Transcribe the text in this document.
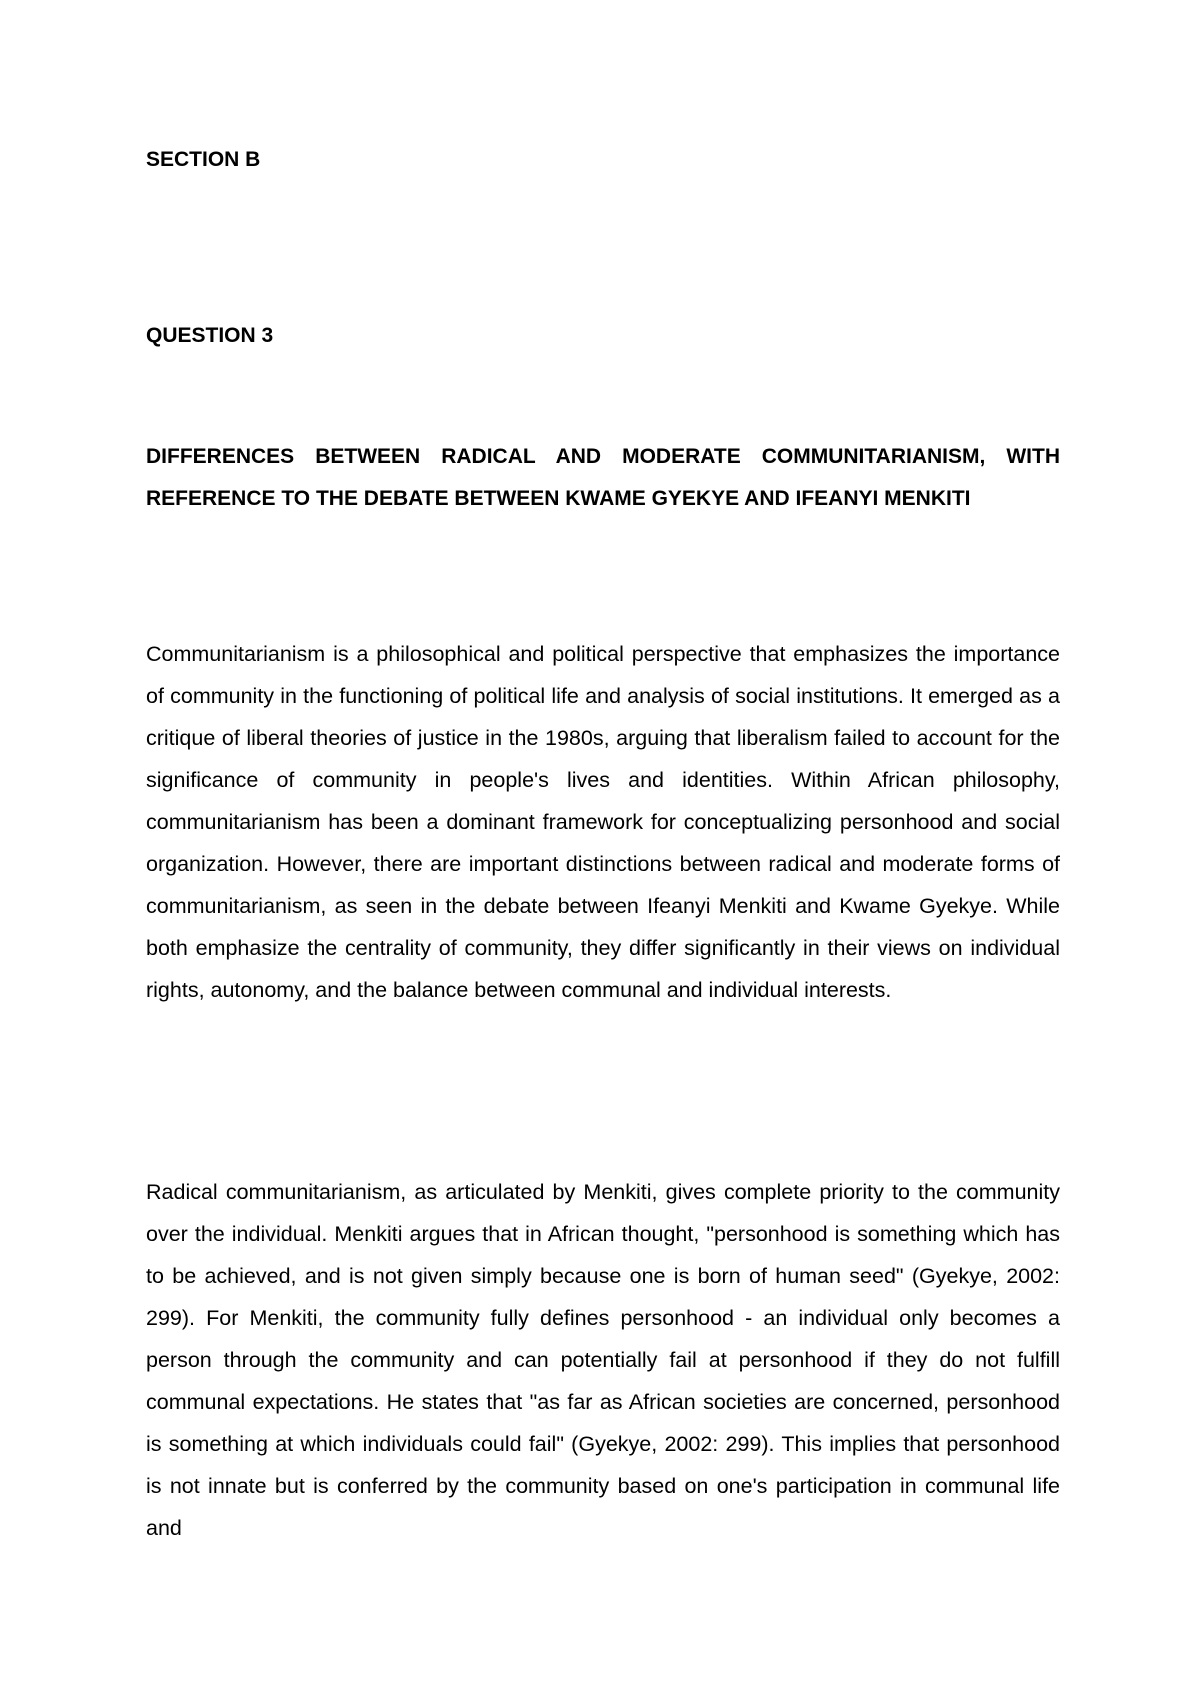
SECTION B

QUESTION 3

DIFFERENCES BETWEEN RADICAL AND MODERATE COMMUNITARIANISM, WITH REFERENCE TO THE DEBATE BETWEEN KWAME GYEKYE AND IFEANYI MENKITI

Communitarianism is a philosophical and political perspective that emphasizes the importance of community in the functioning of political life and analysis of social institutions. It emerged as a critique of liberal theories of justice in the 1980s, arguing that liberalism failed to account for the significance of community in people's lives and identities. Within African philosophy, communitarianism has been a dominant framework for conceptualizing personhood and social organization. However, there are important distinctions between radical and moderate forms of communitarianism, as seen in the debate between Ifeanyi Menkiti and Kwame Gyekye. While both emphasize the centrality of community, they differ significantly in their views on individual rights, autonomy, and the balance between communal and individual interests.

Radical communitarianism, as articulated by Menkiti, gives complete priority to the community over the individual. Menkiti argues that in African thought, "personhood is something which has to be achieved, and is not given simply because one is born of human seed" (Gyekye, 2002: 299). For Menkiti, the community fully defines personhood - an individual only becomes a person through the community and can potentially fail at personhood if they do not fulfill communal expectations. He states that "as far as African societies are concerned, personhood is something at which individuals could fail" (Gyekye, 2002: 299). This implies that personhood is not innate but is conferred by the community based on one's participation in communal life and
